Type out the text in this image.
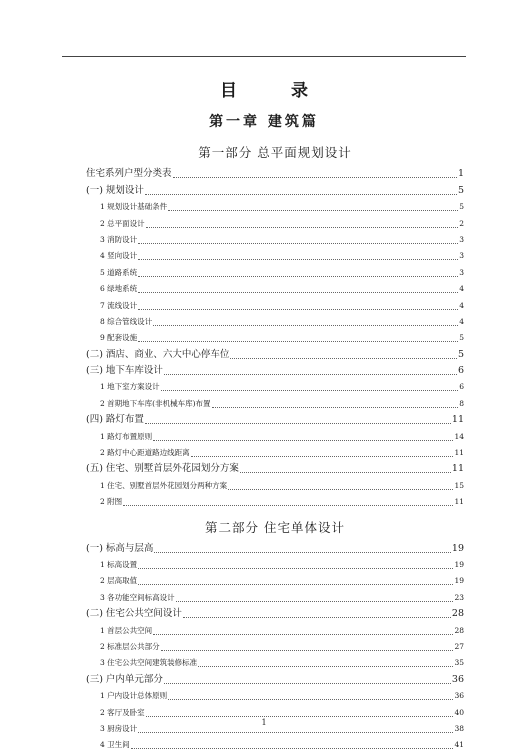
目 录
第一章 建筑篇
第一部分 总平面规划设计
住宅系列户型分类表	1
(一) 规划设计	5
1 规划设计基础条件	5
2 总平面设计	2
3 消防设计	3
4 竖向设计	3
5 道路系统	3
6 绿地系统	4
7 流线设计	4
8 综合管线设计	4
9 配套设施	5
(二) 酒店、商业、六大中心停车位	5
(三) 地下车库设计	6
1 地下室方案设计	6
2 首期地下车库(非机械车库)布置	8
(四) 路灯布置	11
1 路灯布置原则	14
2 路灯中心距道路边线距离	11
(五) 住宅、别墅首层外花园划分方案	11
1 住宅、别墅首层外花园划分两种方案	15
2 附图	11
第二部分 住宅单体设计
(一) 标高与层高	19
1 标高设置	19
2 层高取值	19
3 各功能空间标高设计	23
(二) 住宅公共空间设计	28
1 首层公共空间	28
2 标准层公共部分	27
3 住宅公共空间建筑装修标准	35
(三) 户内单元部分	36
1 户内设计总体原则	36
2 客厅及卧室	40
3 厨房设计	38
4 卫生间	41
1
